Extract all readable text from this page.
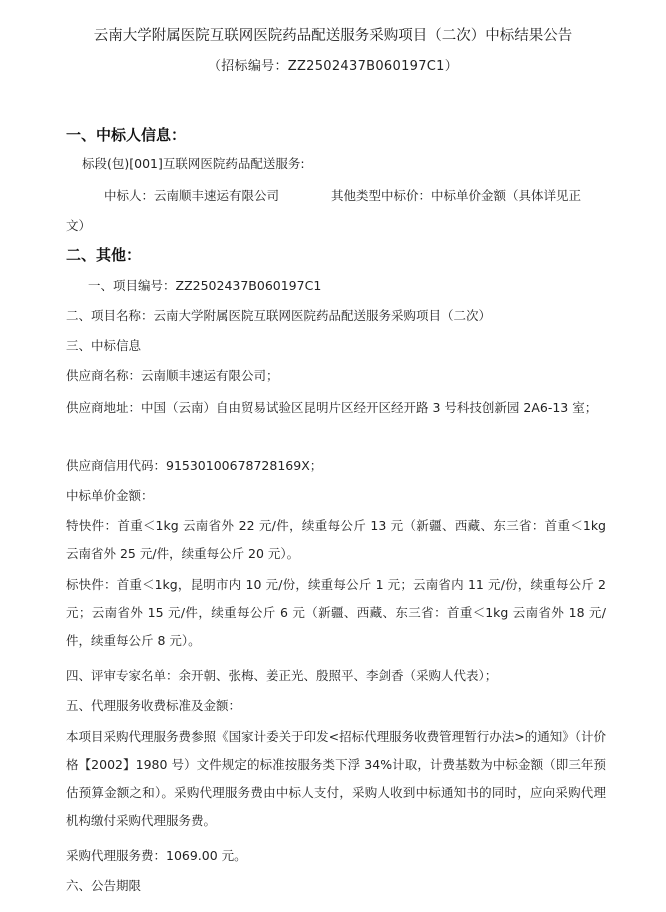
云南大学附属医院互联网医院药品配送服务采购项目（二次）中标结果公告
（招标编号：ZZ2502437B060197C1）
一、中标人信息：
标段(包)[001]互联网医院药品配送服务:
中标人：云南顺丰速运有限公司	其他类型中标价：中标单价金额（具体详见正
文）
二、其他：
一、项目编号：ZZ2502437B060197C1
二、项目名称：云南大学附属医院互联网医院药品配送服务采购项目（二次）
三、中标信息
供应商名称：云南顺丰速运有限公司；
供应商地址：中国（云南）自由贸易试验区昆明片区经开区经开路 3 号科技创新园 2A6-13 室；
供应商信用代码：91530100678728169X；
中标单价金额：
特快件：首重＜1kg 云南省外 22 元/件，续重每公斤 13 元（新疆、西藏、东三省：首重＜1kg 云南省外 25 元/件，续重每公斤 20 元）。
标快件：首重＜1kg，昆明市内 10 元/份，续重每公斤 1 元；云南省内 11 元/份，续重每公斤 2 元；云南省外 15 元/件，续重每公斤 6 元（新疆、西藏、东三省：首重＜1kg 云南省外 18 元/件，续重每公斤 8 元）。
四、评审专家名单：余开朝、张梅、姜正光、殷照平、李剑香（采购人代表）；
五、代理服务收费标准及金额：
本项目采购代理服务费参照《国家计委关于印发<招标代理服务收费管理暂行办法>的通知》（计价格【2002】1980 号）文件规定的标准按服务类下浮 34%计取，计费基数为中标金额（即三年预估预算金额之和）。采购代理服务费由中标人支付，采购人收到中标通知书的同时，应向采购代理机构缴付采购代理服务费。
采购代理服务费：1069.00 元。
六、公告期限
